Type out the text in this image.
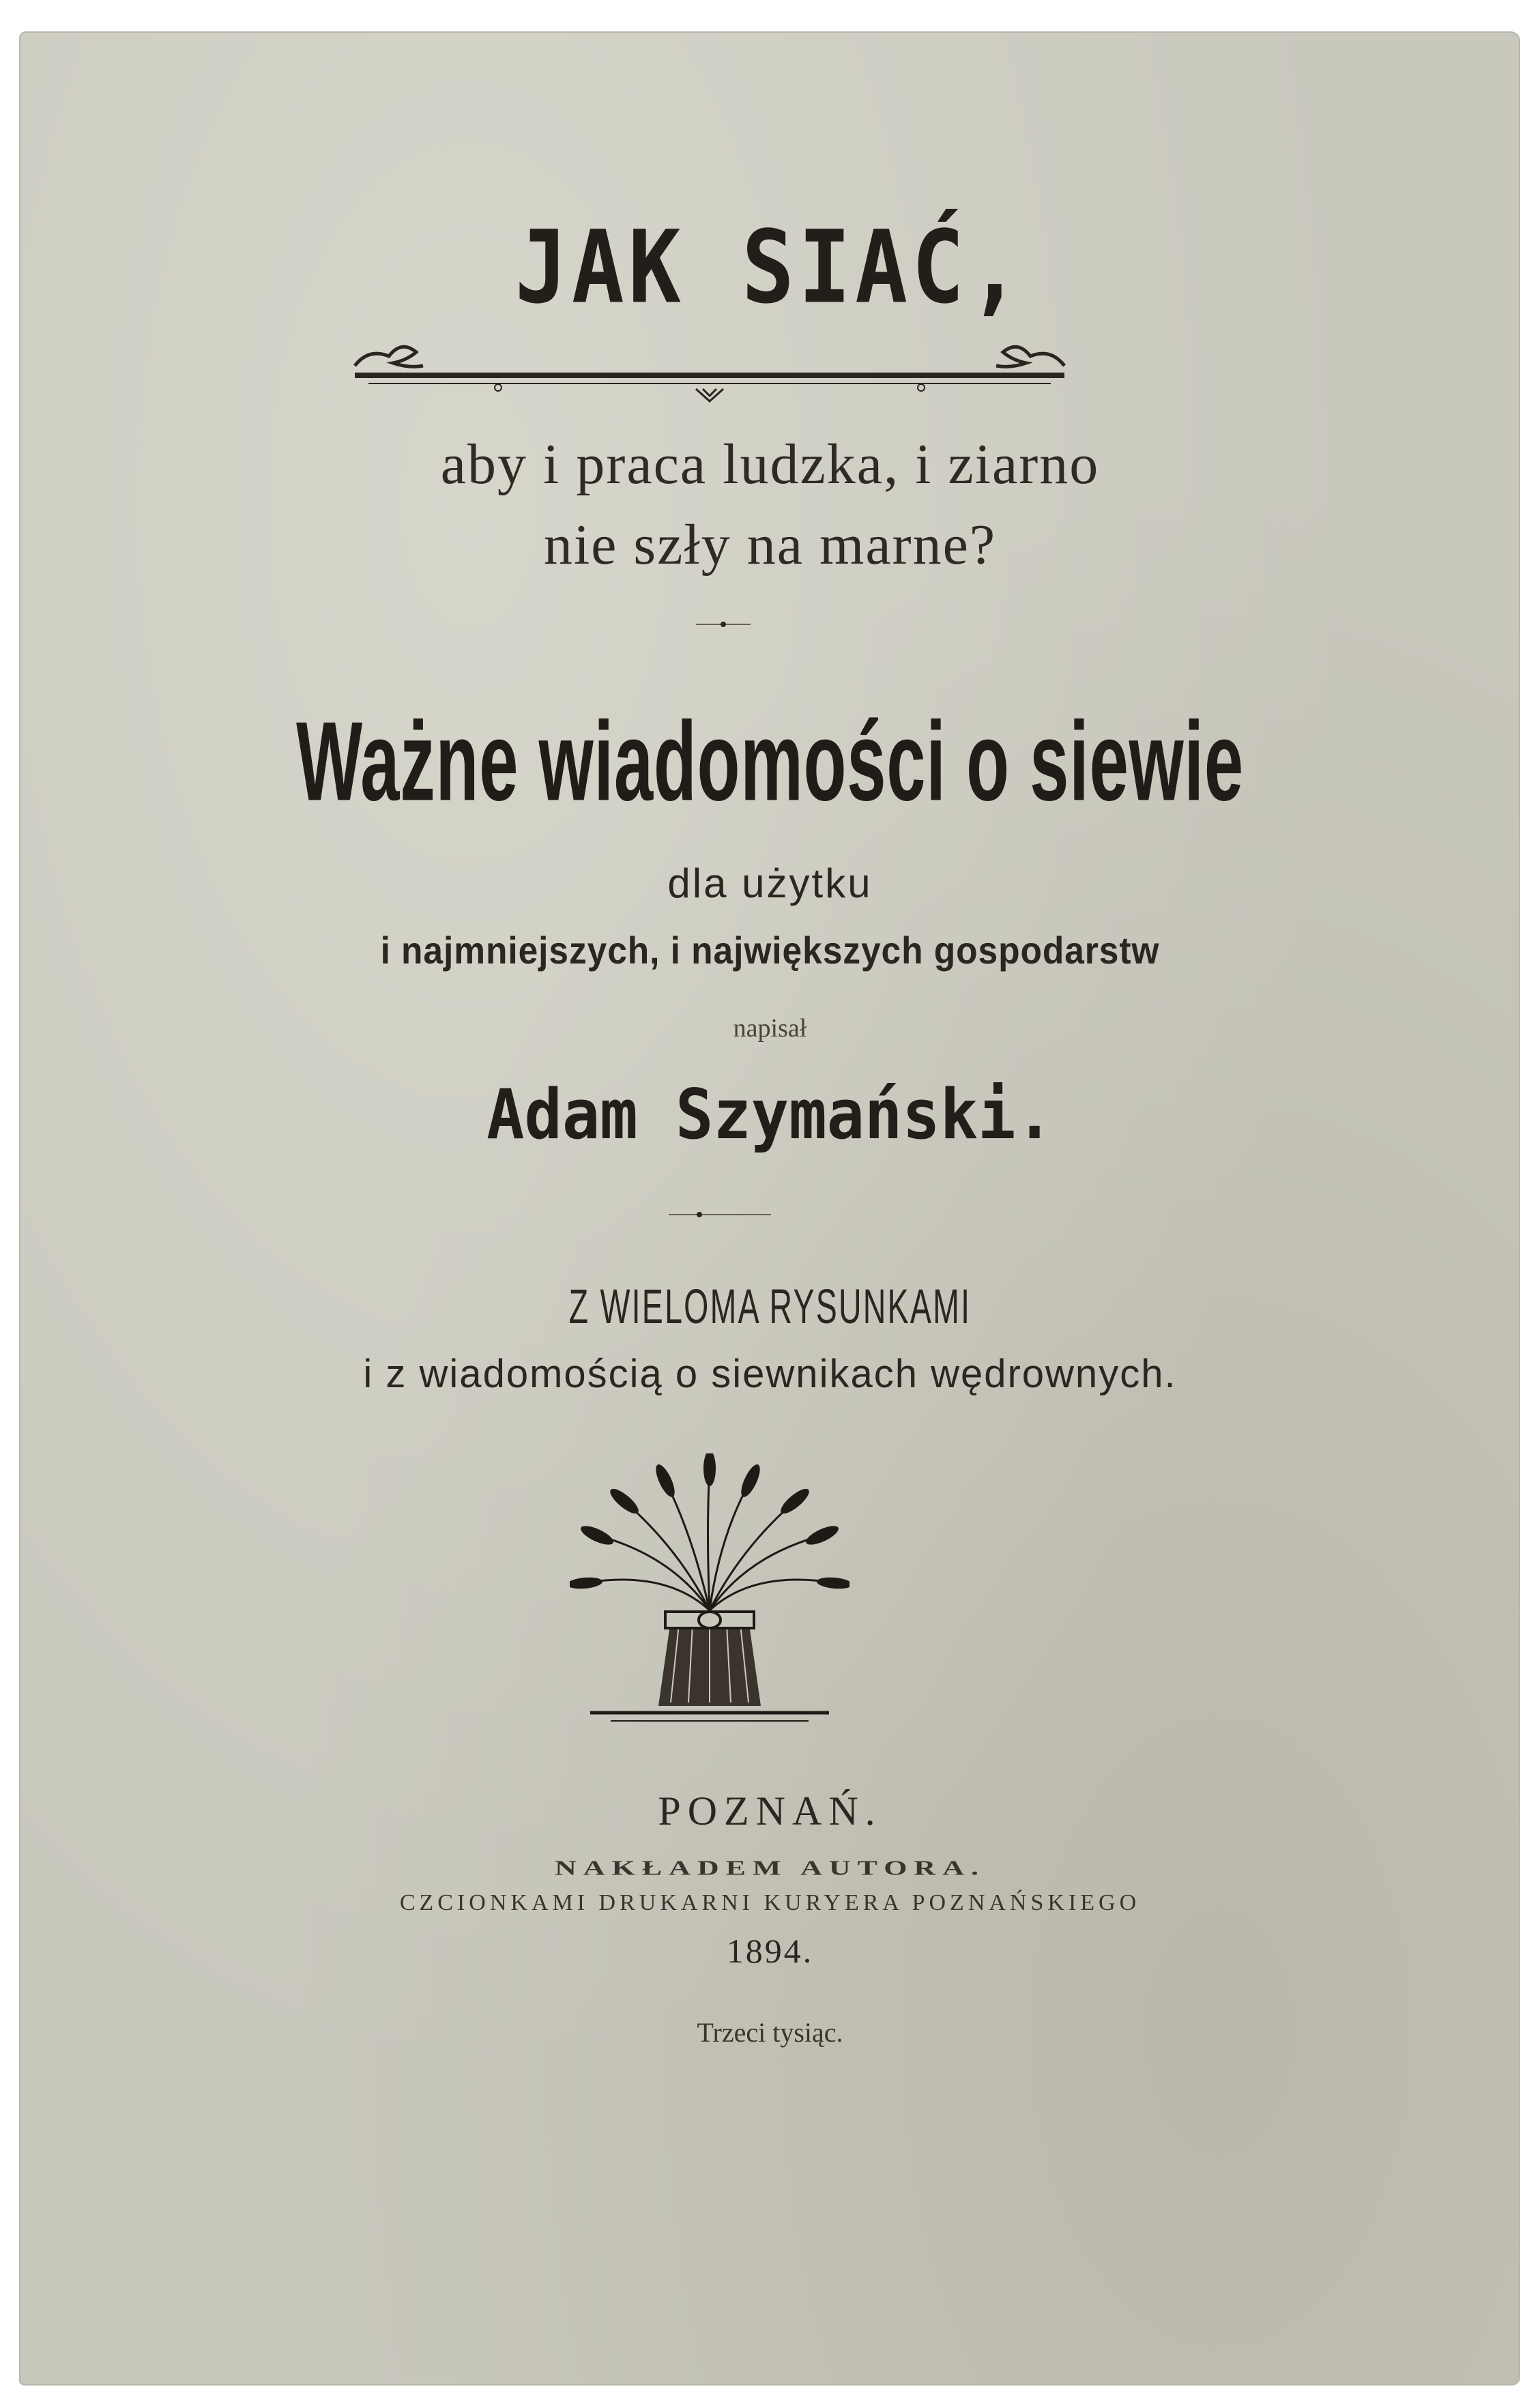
JAK SIAĆ,
aby i praca ludzka, i ziarno
nie szły na marne?
Ważne wiadomości o siewie
dla użytku
i najmniejszych, i największych gospodarstw
napisał
Adam Szymański.
Z WIELOMA RYSUNKAMI
i z wiadomością o siewnikach wędrownych.
POZNAŃ.
NAKŁADEM AUTORA.
CZCIONKAMI DRUKARNI KURYERA POZNAŃSKIEGO
1894.
Trzeci tysiąc.
